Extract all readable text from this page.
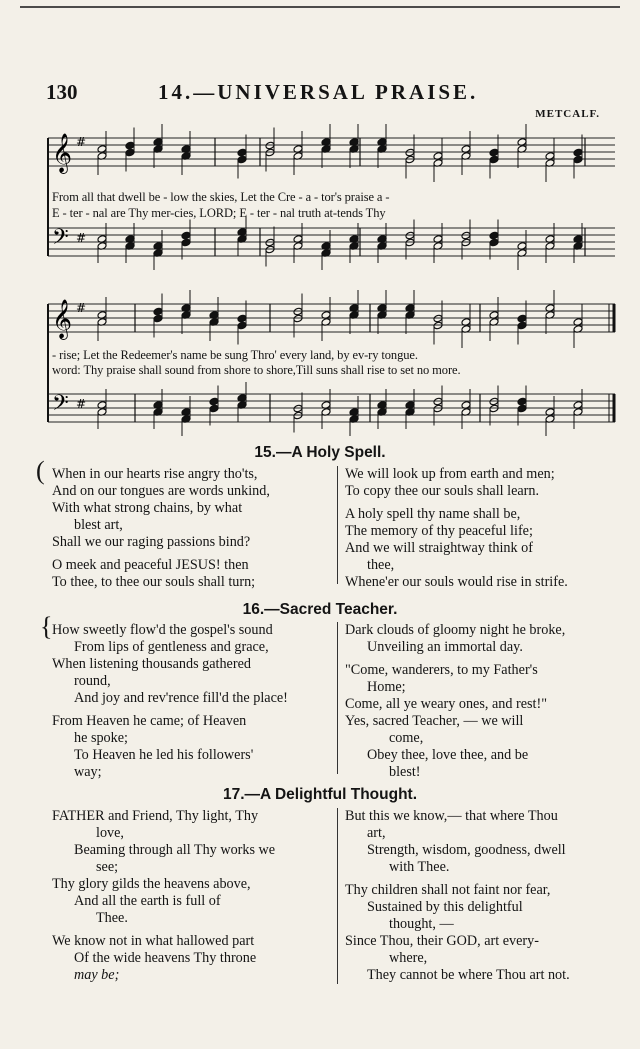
130	14.—UNIVERSAL PRAISE.
METCALF.
𝄞
𝄢
#
#
From all that dwell be - low the skies, Let the Cre - a - tor's praise a -
E - ter - nal are Thy mer-cies, LORD; E - ter - nal truth at-tends Thy
𝄞
𝄢
#
#
- rise; Let the Redeemer's name be sung Thro' every land, by ev-ry tongue.
word: Thy praise shall sound from shore to shore,Till suns shall rise to set no more.
15.—A Holy Spell.
( When in our hearts rise angry tho'ts,
And on our tongues are words unkind,
With what strong chains, by what
blest art,
Shall we our raging passions bind?
O meek and peaceful JESUS! then
To thee, to thee our souls shall turn;
We will look up from earth and men;
To copy thee our souls shall learn.
A holy spell thy name shall be,
The memory of thy peaceful life;
And we will straightway think of
thee,
Whene'er our souls would rise in strife.
16.—Sacred Teacher.
{ How sweetly flow'd the gospel's sound
From lips of gentleness and grace,
When listening thousands gathered
round,
And joy and rev'rence fill'd the place!
From Heaven he came; of Heaven
he spoke;
To Heaven he led his followers'
way;
Dark clouds of gloomy night he broke,
Unveiling an immortal day.
"Come, wanderers, to my Father's
Home;
Come, all ye weary ones, and rest!"
Yes, sacred Teacher, — we will
come,
Obey thee, love thee, and be
blest!
17.—A Delightful Thought.
FATHER and Friend, Thy light, Thy
love,
Beaming through all Thy works we
see;
Thy glory gilds the heavens above,
And all the earth is full of
Thee.
We know not in what hallowed part
Of the wide heavens Thy throne
may be;
But this we know,— that where Thou
art,
Strength, wisdom, goodness, dwell
with Thee.
Thy children shall not faint nor fear,
Sustained by this delightful
thought, —
Since Thou, their GOD, art every-
where,
They cannot be where Thou art not.
